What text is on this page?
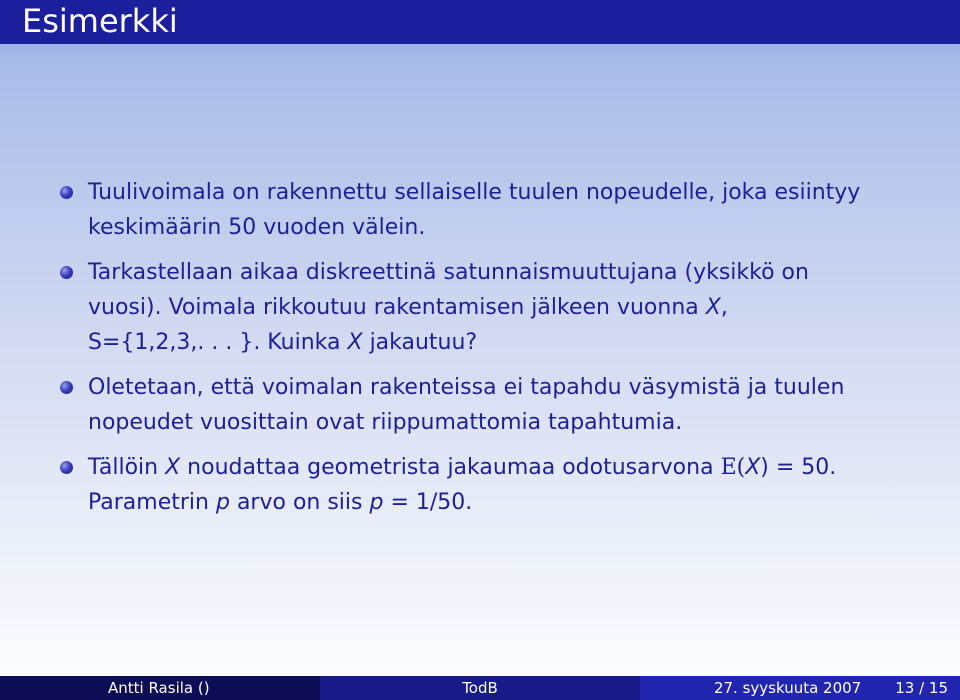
Esimerkki
Tuulivoimala on rakennettu sellaiselle tuulen nopeudelle, joka esiintyy
keskimäärin 50 vuoden välein.
Tarkastellaan aikaa diskreettinä satunnaismuuttujana (yksikkö on
vuosi). Voimala rikkoutuu rakentamisen jälkeen vuonna X,
S={1,2,3,. . . }. Kuinka X jakautuu?
Oletetaan, että voimalan rakenteissa ei tapahdu väsymistä ja tuulen
nopeudet vuosittain ovat riippumattomia tapahtumia.
Tällöin X noudattaa geometrista jakaumaa odotusarvona E(X) = 50.
Parametrin p arvo on siis p = 1/50.
Antti Rasila ()	TodB	27. syyskuuta 2007 13 / 15
